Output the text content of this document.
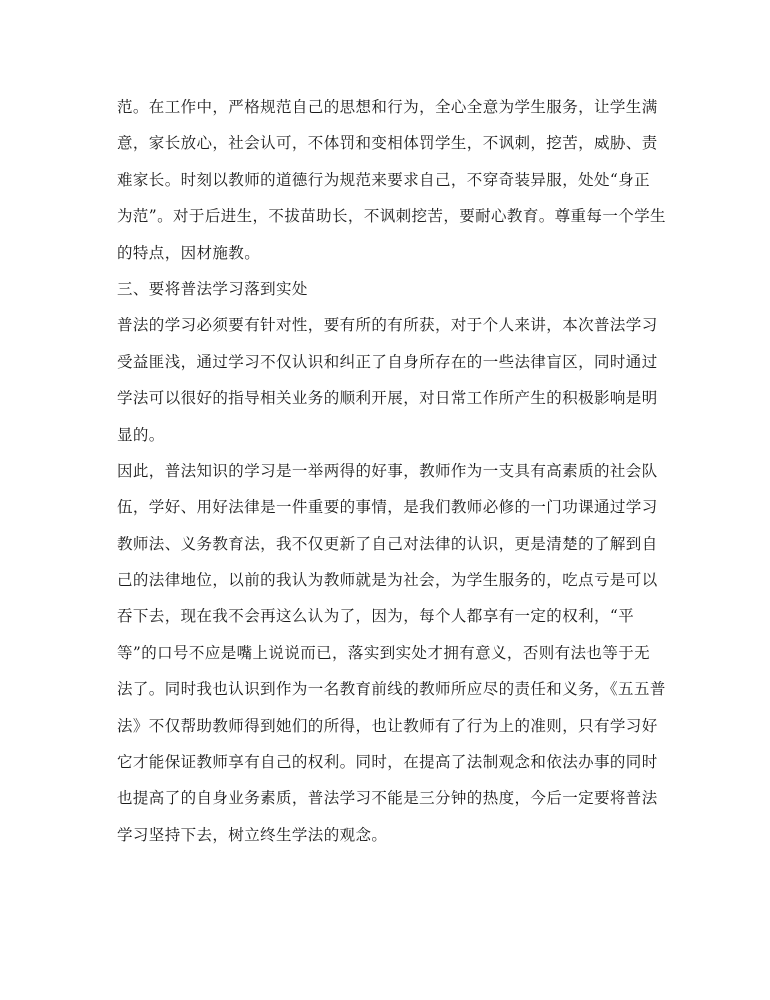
范。在工作中，严格规范自己的思想和行为，全心全意为学生服务，让学生满
意，家长放心，社会认可，不体罚和变相体罚学生，不讽刺，挖苦，威胁、责
难家长。时刻以教师的道德行为规范来要求自己，不穿奇装异服，处处“身正
为范”。对于后进生，不拔苗助长，不讽刺挖苦，要耐心教育。尊重每一个学生
的特点，因材施教。
三、要将普法学习落到实处
普法的学习必须要有针对性，要有所的有所获，对于个人来讲，本次普法学习
受益匪浅，通过学习不仅认识和纠正了自身所存在的一些法律盲区，同时通过
学法可以很好的指导相关业务的顺利开展，对日常工作所产生的积极影响是明
显的。
因此，普法知识的学习是一举两得的好事，教师作为一支具有高素质的社会队
伍，学好、用好法律是一件重要的事情，是我们教师必修的一门功课通过学习
教师法、义务教育法，我不仅更新了自己对法律的认识，更是清楚的了解到自
己的法律地位，以前的我认为教师就是为社会，为学生服务的，吃点亏是可以
吞下去，现在我不会再这么认为了，因为，每个人都享有一定的权利，“平
等”的口号不应是嘴上说说而已，落实到实处才拥有意义，否则有法也等于无
法了。同时我也认识到作为一名教育前线的教师所应尽的责任和义务，《五五普
法》不仅帮助教师得到她们的所得，也让教师有了行为上的准则，只有学习好
它才能保证教师享有自己的权利。同时，在提高了法制观念和依法办事的同时
也提高了的自身业务素质，普法学习不能是三分钟的热度，今后一定要将普法
学习坚持下去，树立终生学法的观念。
